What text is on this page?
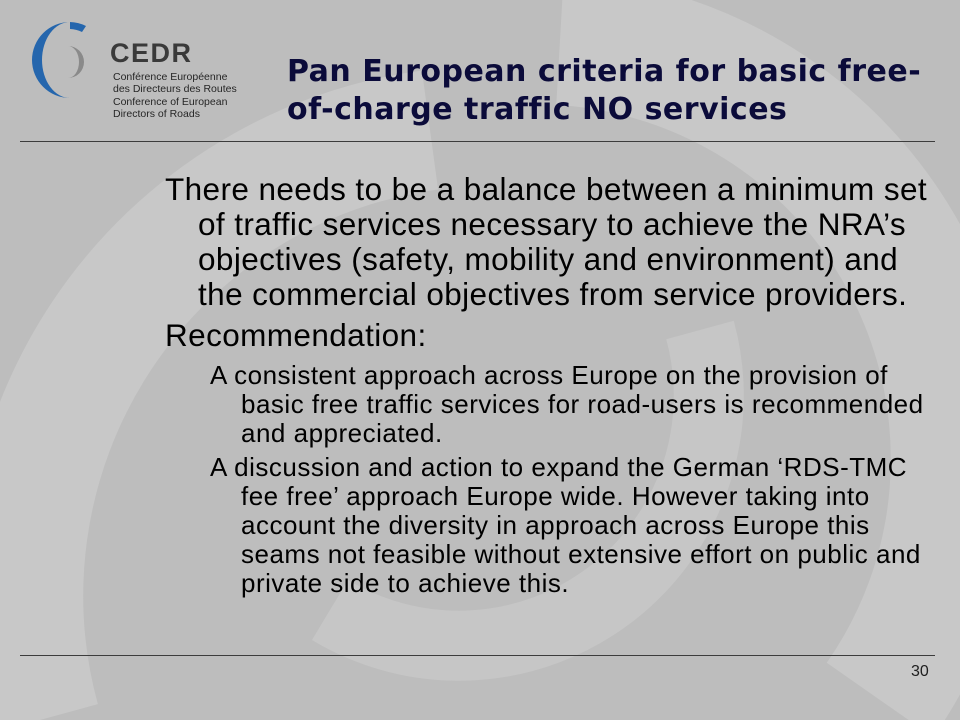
CEDR
Conférence Européenne
des Directeurs des Routes
Conference of European
Directors of Roads
Pan European criteria for basic free-
of-charge traffic NO services
There needs to be a balance between a minimum set
of traffic services necessary to achieve the NRA’s
objectives (safety, mobility and environment) and
the commercial objectives from service providers.
Recommendation:
A consistent approach across Europe on the provision of
basic free traffic services for road-users is recommended
and appreciated.
A discussion and action to expand the German ‘RDS-TMC
fee free’ approach Europe wide. However taking into
account the diversity in approach across Europe this
seams not feasible without extensive effort on public and
private side to achieve this.
30
